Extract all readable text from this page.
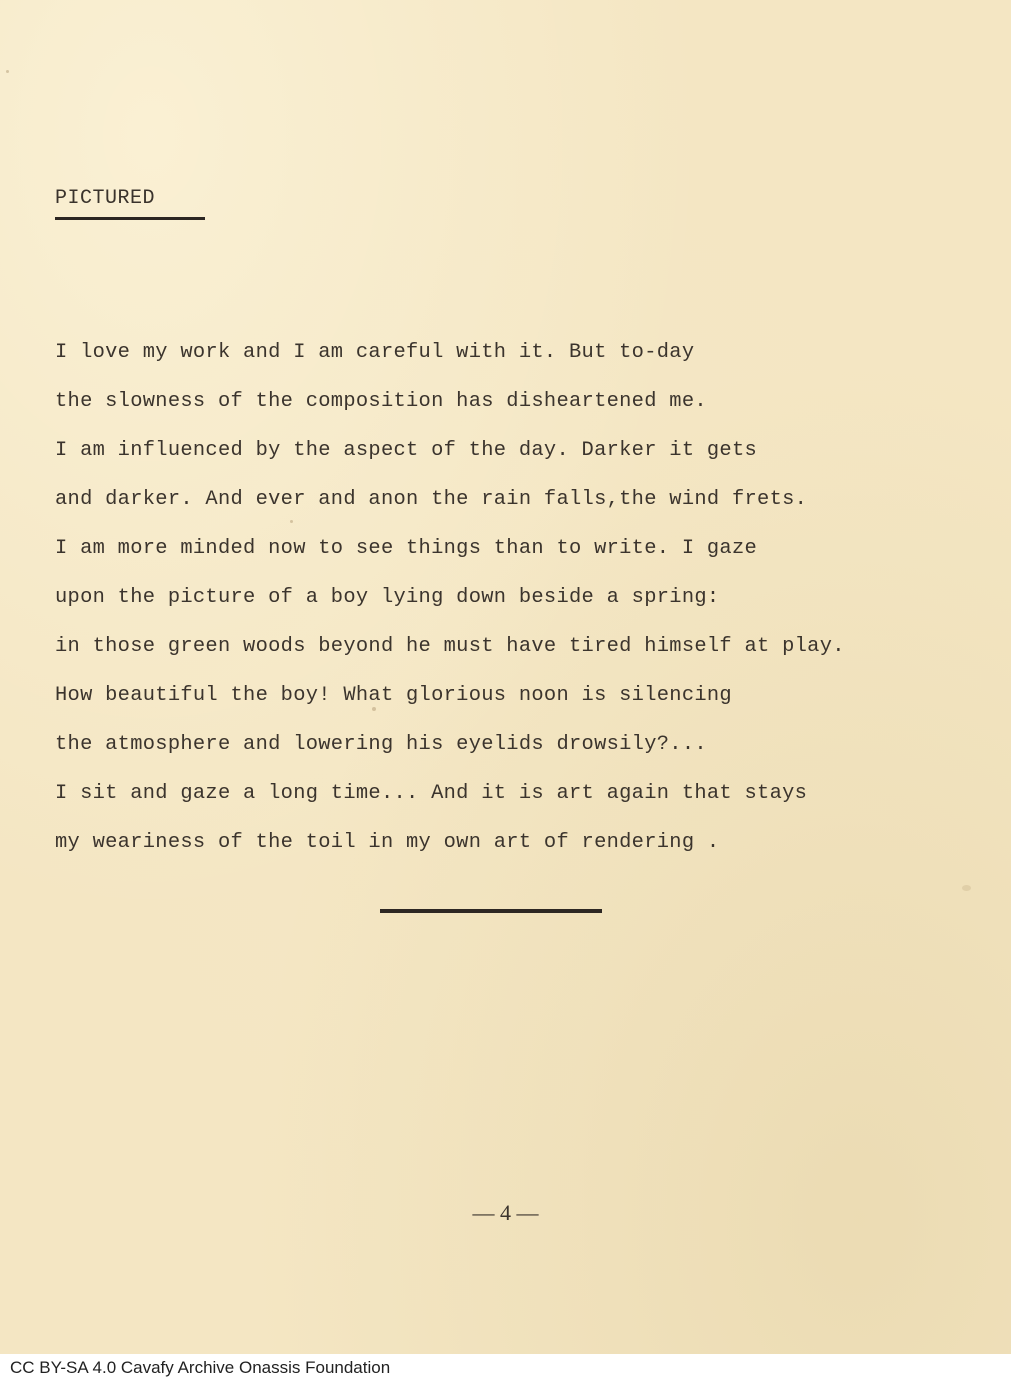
PICTURED
I love my work and I am careful with it. But to-day
the slowness of the composition has disheartened me.
I am influenced by the aspect of the day. Darker it gets
and darker. And ever and anon the rain falls,the wind frets.
I am more minded now to see things than to write. I gaze
upon the picture of a boy lying down beside a spring:
in those green woods beyond he must have tired himself at play.
How beautiful the boy! What glorious noon is silencing
the atmosphere and lowering his eyelids drowsily?...
I sit and gaze a long time... And it is art again that stays
my weariness of the toil in my own art of rendering .
— 4 —
CC BY-SA 4.0 Cavafy Archive Onassis Foundation
